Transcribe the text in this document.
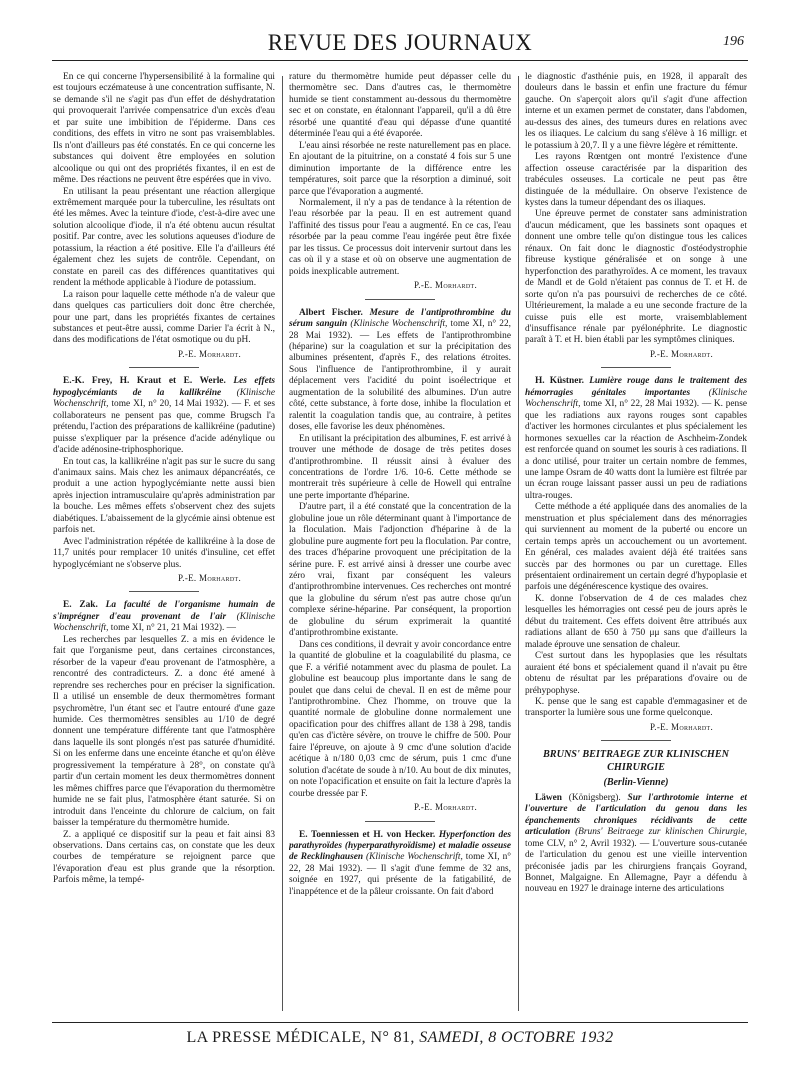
REVUE DES JOURNAUX	196

En ce qui concerne l'hypersensibilité à la formaline qui est toujours eczémateuse à une concentration suffisante, N. se demande s'il ne s'agit pas d'un effet de déshydratation qui provoquerait l'arrivée compensatrice d'un excès d'eau et par suite une imbibition de l'épiderme. Dans ces conditions, des effets in vitro ne sont pas vraisemblables. Ils n'ont d'ailleurs pas été constatés. En ce qui concerne les substances qui doivent être employées en solution alcoolique ou qui ont des propriétés fixantes, il en est de même. Des réactions ne peuvent être espérées que in vivo.

En utilisant la peau présentant une réaction allergique extrêmement marquée pour la tuberculine, les résultats ont été les mêmes. Avec la teinture d'iode, c'est-à-dire avec une solution alcoolique d'iode, il n'a été obtenu aucun résultat positif. Par contre, avec les solutions aqueuses d'iodure de potassium, la réaction a été positive. Elle l'a d'ailleurs été également chez les sujets de contrôle. Cependant, on constate en pareil cas des différences quantitatives qui rendent la méthode applicable à l'iodure de potassium.

La raison pour laquelle cette méthode n'a de valeur que dans quelques cas particuliers doit donc être cherchée, pour une part, dans les propriétés fixantes de certaines substances et peut-être aussi, comme Darier l'a écrit à N., dans des modifications de l'état osmotique ou du pH.

P.-E. Morhardt.

E.-K. Frey, H. Kraut et E. Werle. Les effets hypoglycémiants de la kallikréine (Klinische Wochenschrift, tome XI, n° 20, 14 Mai 1932). — F. et ses collaborateurs ne pensent pas que, comme Brugsch l'a prétendu, l'action des préparations de kallikréine (padutine) puisse s'expliquer par la présence d'acide adénylique ou d'acide adénosine-triphosphorique.

En tout cas, la kallikréine n'agit pas sur le sucre du sang d'animaux sains. Mais chez les animaux dépancréatés, ce produit a une action hypoglycémiante nette aussi bien après injection intramusculaire qu'après administration par la bouche. Les mêmes effets s'observent chez des sujets diabétiques. L'abaissement de la glycémie ainsi obtenue est parfois net.

Avec l'administration répétée de kallikréine à la dose de 11,7 unités pour remplacer 10 unités d'insuline, cet effet hypoglycémiant ne s'observe plus.

P.-E. Morhardt.

E. Zak. La faculté de l'organisme humain de s'imprégner d'eau provenant de l'air (Klinische Wochenschrift, tome XI, n° 21, 21 Mai 1932). —

Les recherches par lesquelles Z. a mis en évidence le fait que l'organisme peut, dans certaines circonstances, résorber de la vapeur d'eau provenant de l'atmosphère, a rencontré des contradicteurs. Z. a donc été amené à reprendre ses recherches pour en préciser la signification. Il a utilisé un ensemble de deux thermomètres formant psychromètre, l'un étant sec et l'autre entouré d'une gaze humide. Ces thermomètres sensibles au 1/10 de degré donnent une température différente tant que l'atmosphère dans laquelle ils sont plongés n'est pas saturée d'humidité. Si on les enferme dans une enceinte étanche et qu'on élève progressivement la température à 28°, on constate qu'à partir d'un certain moment les deux thermomètres donnent les mêmes chiffres parce que l'évaporation du thermomètre humide ne se fait plus, l'atmosphère étant saturée. Si on introduit dans l'enceinte du chlorure de calcium, on fait baisser la température du thermomètre humide.

Z. a appliqué ce dispositif sur la peau et fait ainsi 83 observations. Dans certains cas, on constate que les deux courbes de température se rejoignent parce que l'évaporation d'eau est plus grande que la résorption. Parfois même, la tempé-

rature du thermomètre humide peut dépasser celle du thermomètre sec. Dans d'autres cas, le thermomètre humide se tient constamment au-dessous du thermomètre sec et on constate, en étalonnant l'appareil, qu'il a dû être résorbé une quantité d'eau qui dépasse d'une quantité déterminée l'eau qui a été évaporée.

L'eau ainsi résorbée ne reste naturellement pas en place. En ajoutant de la pituitrine, on a constaté 4 fois sur 5 une diminution importante de la différence entre les températures, soit parce que la résorption a diminué, soit parce que l'évaporation a augmenté.

Normalement, il n'y a pas de tendance à la rétention de l'eau résorbée par la peau. Il en est autrement quand l'affinité des tissus pour l'eau a augmenté. En ce cas, l'eau résorbée par la peau comme l'eau ingérée peut être fixée par les tissus. Ce processus doit intervenir surtout dans les cas où il y a stase et où on observe une augmentation de poids inexplicable autrement.

P.-E. Morhardt.

Albert Fischer. Mesure de l'antiprothrombine du sérum sanguin (Klinische Wochenschrift, tome XI, n° 22, 28 Mai 1932). — Les effets de l'antiprothrombine (héparine) sur la coagulation et sur la précipitation des albumines présentent, d'après F., des relations étroites. Sous l'influence de l'antiprothrombine, il y aurait déplacement vers l'acidité du point isoélectrique et augmentation de la solubilité des albumines. D'un autre côté, cette substance, à forte dose, inhibe la floculation et ralentit la coagulation tandis que, au contraire, à petites doses, elle favorise les deux phénomènes.

En utilisant la précipitation des albumines, F. est arrivé à trouver une méthode de dosage de très petites doses d'antiprothrombine. Il réussit ainsi à évaluer des concentrations de l'ordre 1/6. 10-6. Cette méthode se montrerait très supérieure à celle de Howell qui entraîne une perte importante d'héparine.

D'autre part, il a été constaté que la concentration de la globuline joue un rôle déterminant quant à l'importance de la floculation. Mais l'adjonction d'héparine à de la globuline pure augmente fort peu la floculation. Par contre, des traces d'héparine provoquent une précipitation de la sérine pure. F. est arrivé ainsi à dresser une courbe avec zéro vrai, fixant par conséquent les valeurs d'antiprothrombine intervenues. Ces recherches ont montré que la globuline du sérum n'est pas autre chose qu'un complexe sérine-héparine. Par conséquent, la proportion de globuline du sérum exprimerait la quantité d'antiprothrombine existante.

Dans ces conditions, il devrait y avoir concordance entre la quantité de globuline et la coagulabilité du plasma, ce que F. a vérifié notamment avec du plasma de poulet. La globuline est beaucoup plus importante dans le sang de poulet que dans celui de cheval. Il en est de même pour l'antiprothrombine. Chez l'homme, on trouve que la quantité normale de globuline donne normalement une opacification pour des chiffres allant de 138 à 298, tandis qu'en cas d'ictère sévère, on trouve le chiffre de 500. Pour faire l'épreuve, on ajoute à 9 cmc d'une solution d'acide acétique à n/180 0,03 cmc de sérum, puis 1 cmc d'une solution d'acétate de soude à n/10. Au bout de dix minutes, on note l'opacification et ensuite on fait la lecture d'après la courbe dressée par F.

P.-E. Morhardt.

E. Toenniessen et H. von Hecker. Hyperfonction des parathyroïdes (hyperparathyroïdisme) et maladie osseuse de Recklinghausen (Klinische Wochenschrift, tome XI, n° 22, 28 Mai 1932). — Il s'agit d'une femme de 32 ans, soignée en 1927, qui présente de la fatigabilité, de l'inappétence et de la pâleur croissante. On fait d'abord

le diagnostic d'asthénie puis, en 1928, il apparaît des douleurs dans le bassin et enfin une fracture du fémur gauche. On s'aperçoit alors qu'il s'agit d'une affection interne et un examen permet de constater, dans l'abdomen, au-dessus des aines, des tumeurs dures en relations avec les os iliaques. Le calcium du sang s'élève à 16 milligr. et le potassium à 20,7. Il y a une fièvre légère et rémittente.

Les rayons Rœntgen ont montré l'existence d'une affection osseuse caractérisée par la disparition des trabécules osseuses. La corticale ne peut pas être distinguée de la médullaire. On observe l'existence de kystes dans la tumeur dépendant des os iliaques.

Une épreuve permet de constater sans administration d'aucun médicament, que les bassinets sont opaques et donnent une ombre telle qu'on distingue tous les calices rénaux. On fait donc le diagnostic d'ostéodystrophie fibreuse kystique généralisée et on songe à une hyperfonction des parathyroïdes. A ce moment, les travaux de Mandl et de Gold n'étaient pas connus de T. et H. de sorte qu'on n'a pas poursuivi de recherches de ce côté. Ultérieurement, la malade a eu une seconde fracture de la cuisse puis elle est morte, vraisemblablement d'insuffisance rénale par pyélonéphrite. Le diagnostic paraît à T. et H. bien établi par les symptômes cliniques.

P.-E. Morhardt.

H. Küstner. Lumière rouge dans le traitement des hémorragies génitales importantes (Klinische Wochenschrift, tome XI, n° 22, 28 Mai 1932). — K. pense que les radiations aux rayons rouges sont capables d'activer les hormones circulantes et plus spécialement les hormones sexuelles car la réaction de Aschheim-Zondek est renforcée quand on soumet les souris à ces radiations. Il a donc utilisé, pour traiter un certain nombre de femmes, une lampe Osram de 40 watts dont la lumière est filtrée par un écran rouge laissant passer aussi un peu de radiations ultra-rouges.

Cette méthode a été appliquée dans des anomalies de la menstruation et plus spécialement dans des ménorragies qui surviennent au moment de la puberté ou encore un certain temps après un accouchement ou un avortement. En général, ces malades avaient déjà été traitées sans succès par des hormones ou par un curettage. Elles présentaient ordinairement un certain degré d'hypoplasie et parfois une dégénérescence kystique des ovaires.

K. donne l'observation de 4 de ces malades chez lesquelles les hémorragies ont cessé peu de jours après le début du traitement. Ces effets doivent être attribués aux radiations allant de 650 à 750 μμ sans que d'ailleurs la malade éprouve une sensation de chaleur.

C'est surtout dans les hypoplasies que les résultats auraient été bons et spécialement quand il n'avait pu être obtenu de résultat par les préparations d'ovaire ou de préhypophyse.

K. pense que le sang est capable d'emmagasiner et de transporter la lumière sous une forme quelconque.

P.-E. Morhardt.
BRUNS' BEITRAEGE ZUR KLINISCHEN CHIRURGIE
(Berlin-Vienne)

Läwen (Königsberg). Sur l'arthrotomie interne et l'ouverture de l'articulation du genou dans les épanchements chroniques récidivants de cette articulation (Bruns' Beitraege zur klinischen Chirurgie, tome CLV, n° 2, Avril 1932). — L'ouverture sous-cutanée de l'articulation du genou est une vieille intervention préconisée jadis par les chirurgiens français Goyrand, Bonnet, Malgaigne. En Allemagne, Payr a défendu à nouveau en 1927 le drainage interne des articulations

LA PRESSE MÉDICALE, N° 81, SAMEDI, 8 OCTOBRE 1932
